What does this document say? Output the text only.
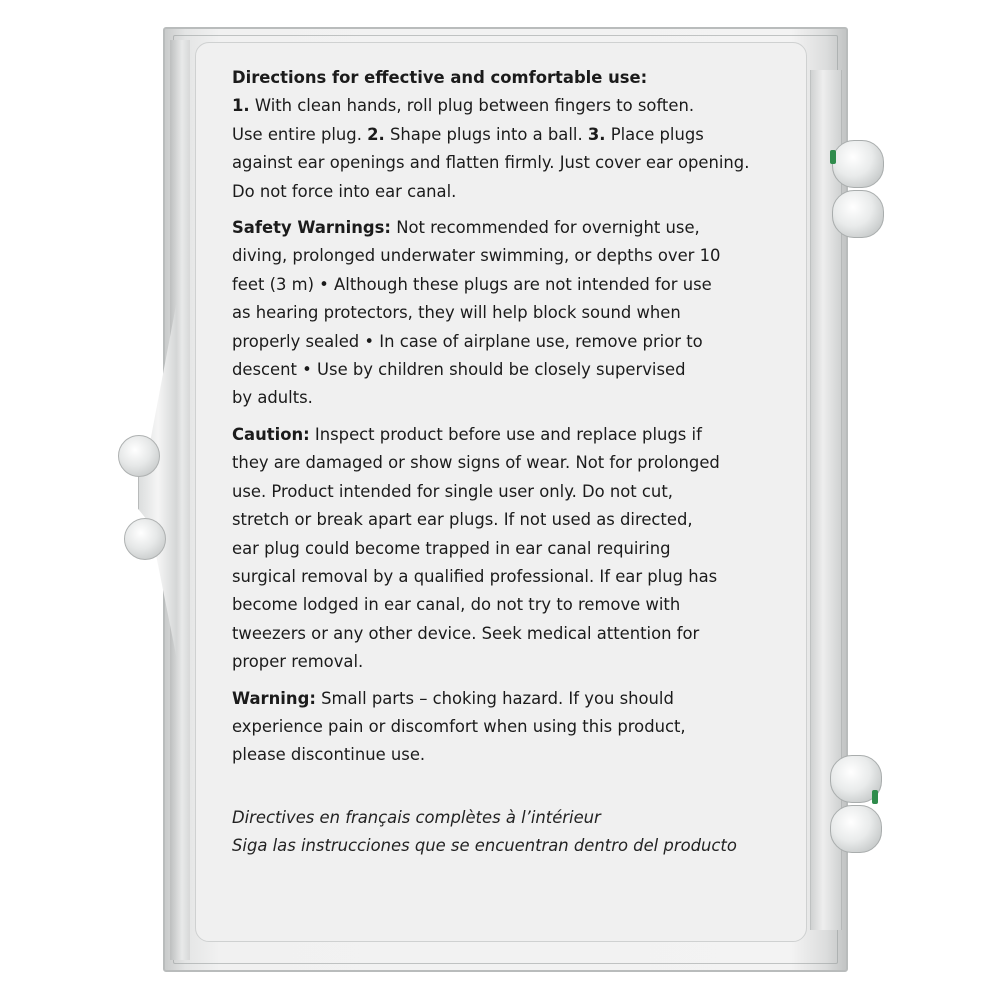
Directions for effective and comfortable use:
1. With clean hands, roll plug between fingers to soften.
Use entire plug. 2. Shape plugs into a ball. 3. Place plugs
against ear openings and flatten firmly. Just cover ear opening.
Do not force into ear canal.
Safety Warnings: Not recommended for overnight use,
diving, prolonged underwater swimming, or depths over 10
feet (3 m) • Although these plugs are not intended for use
as hearing protectors, they will help block sound when
properly sealed • In case of airplane use, remove prior to
descent • Use by children should be closely supervised
by adults.
Caution: Inspect product before use and replace plugs if
they are damaged or show signs of wear. Not for prolonged
use. Product intended for single user only. Do not cut,
stretch or break apart ear plugs. If not used as directed,
ear plug could become trapped in ear canal requiring
surgical removal by a qualified professional. If ear plug has
become lodged in ear canal, do not try to remove with
tweezers or any other device. Seek medical attention for
proper removal.
Warning: Small parts – choking hazard. If you should
experience pain or discomfort when using this product,
please discontinue use.
Directives en français complètes à l’intérieur
Siga las instrucciones que se encuentran dentro del producto
